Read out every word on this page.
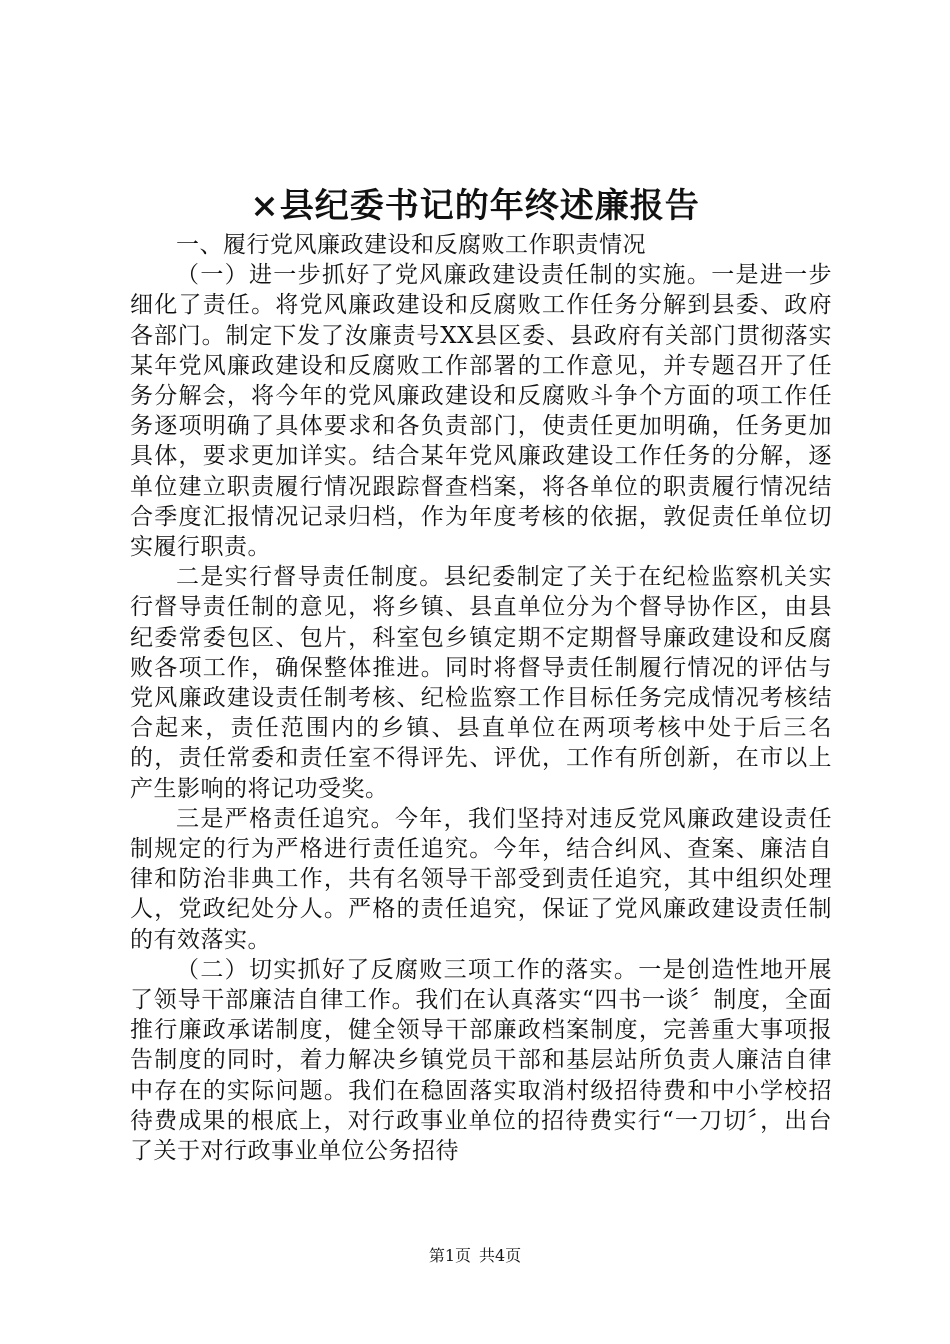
×县纪委书记的年终述廉报告

一、履行党风廉政建设和反腐败工作职责情况

（一）进一步抓好了党风廉政建设责任制的实施。一是进一步细化了责任。将党风廉政建设和反腐败工作任务分解到县委、政府各部门。制定下发了汝廉责号XX县区委、县政府有关部门贯彻落实某年党风廉政建设和反腐败工作部署的工作意见，并专题召开了任务分解会，将今年的党风廉政建设和反腐败斗争个方面的项工作任务逐项明确了具体要求和各负责部门，使责任更加明确，任务更加具体，要求更加详实。结合某年党风廉政建设工作任务的分解，逐单位建立职责履行情况跟踪督查档案，将各单位的职责履行情况结合季度汇报情况记录归档，作为年度考核的依据，敦促责任单位切实履行职责。

二是实行督导责任制度。县纪委制定了关于在纪检监察机关实行督导责任制的意见，将乡镇、县直单位分为个督导协作区，由县纪委常委包区、包片，科室包乡镇定期不定期督导廉政建设和反腐败各项工作，确保整体推进。同时将督导责任制履行情况的评估与党风廉政建设责任制考核、纪检监察工作目标任务完成情况考核结合起来，责任范围内的乡镇、县直单位在两项考核中处于后三名的，责任常委和责任室不得评先、评优，工作有所创新，在市以上产生影响的将记功受奖。

三是严格责任追究。今年，我们坚持对违反党风廉政建设责任制规定的行为严格进行责任追究。今年，结合纠风、查案、廉洁自律和防治非典工作，共有名领导干部受到责任追究，其中组织处理人，党政纪处分人。严格的责任追究，保证了党风廉政建设责任制的有效落实。

（二）切实抓好了反腐败三项工作的落实。一是创造性地开展了领导干部廉洁自律工作。我们在认真落实“四书一谈〞制度，全面推行廉政承诺制度，健全领导干部廉政档案制度，完善重大事项报告制度的同时，着力解决乡镇党员干部和基层站所负责人廉洁自律中存在的实际问题。我们在稳固落实取消村级招待费和中小学校招待费成果的根底上，对行政事业单位的招待费实行“一刀切〞，出台了关于对行政事业单位公务招待

第1页 共4页
